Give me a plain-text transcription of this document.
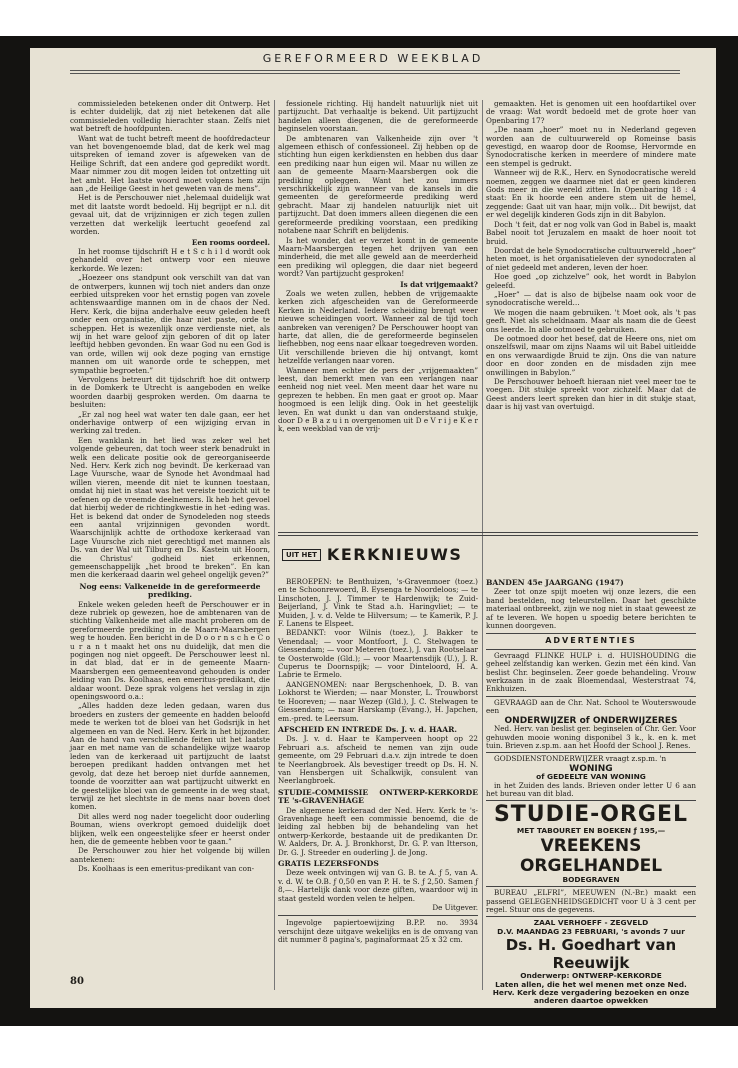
GEREFORMEERD WEEKBLAD

commissieleden betekenen onder dit Ontwerp. Het is echter duidelijk, dat zij niet betekenen dat alle commissieleden volledig hierachter staan. Zelfs niet wat betreft de hoofdpunten.

Want wat de tucht betreft meent de hoofdredacteur van het bovengenoemde blad, dat de kerk wel mag uitspreken of iemand zover is afgeweken van de Heilige Schrift, dat een andere god gepredikt wordt. Maar nimmer zou dit mogen leiden tot ontzetting uit het ambt. Het laatste woord moet volgens hem zijn aan „de Heilige Geest in het geweten van de mens”.

Het is de Perschouwer niet ,helemaal duidelijk wat met dit laatste wordt bedoeld. Hij begrijpt er n.l. dit gevaal uit, dat de vrijzinnigen er zich tegen zullen verzetten dat werkelijk leertucht geoefend zal worden.

Een rooms oordeel.

In het roomse tijdschrift H e t S c h i l d wordt ook gehandeld over het ontwerp voor een nieuwe kerkorde. We lezen:

„Hoezeer ons standpunt ook verschilt van dat van de ontwerpers, kunnen wij toch niet anders dan onze eerbied uitspreken voor het ernstig pogen van zovele achtenswaardige mannen om in de chaos der Ned. Herv. Kerk, die bijna anderhalve eeuw geleden heeft onder een organisatie, die haar niet paste, orde te scheppen. Het is wezenlijk onze verdienste niet, als wij in het ware geloof zijn geboren of dit op later leeftijd hebben gevonden. En waar God nu een God is van orde, willen wij ook deze poging van ernstige mannen om uit wanorde orde te scheppen, met sympathie begroeten.”

Vervolgens betreurt dit tijdschrift hoe dit ontwerp in de Domkerk te Utrecht is aangeboden en welke woorden daarbij gesproken werden. Om daarna te besluiten:

„Er zal nog heel wat water ten dale gaan, eer het onderhavige ontwerp of een wijziging ervan in werking zal treden.

Een wanklank in het lied was zeker wel het volgende gebeuren, dat toch weer sterk benadrukt in welk een delicate positie ook de gereorganiseerde Ned. Herv. Kerk zich nog bevindt. De kerkeraad van Lage Vuursche, waar de Synode het Avondmaal had willen vieren, meende dit niet te kunnen toestaan, omdat hij niet in staat was het vereiste toezicht uit te oefenen op de vreemde deelnemers. Ik heb het gevoel dat hierbij weder de richtingkwestie in het ‑eding was. Het is bekend dat onder de Synodeleden nog steeds een aantal vrijzinnigen gevonden wordt. Waarschijnlijk achtte de orthodoxe kerkeraad van Lage Vuursche zich niet gerechtigd met mannen als Ds. van der Wal uit Tilburg en Ds. Kastein uit Hoorn, die Christus' godheid niet erkennen, gemeenschappelijk „het brood te breken”. En kan men die kerkeraad daarin wel geheel ongelijk geven?”

Nog eens: Valkeneide in de gereformeerde prediking.

Enkele weken geleden heeft de Perschouwer er in deze rubriek op gewezen, hoe de ambtenaren van de stichting Valkenheide met alle macht proberen om de gereformeerde prediking in de Maarn-Maarsbergen weg te houden. Een bericht in de D o o r n s c h e C o u r a n t maakt het ons nu duidelijk, dat men die pogingen nog niet opgeeft. De Perschouwer leest nl. in dat blad, dat er in de gemeente Maarn-Maarsbergen een gemeenteavond gehouden is onder leiding van Ds. Koolhaas, een emeritus-predikant, die aldaar woont. Deze sprak volgens het verslag in zijn openingswoord o.a.:

„Alles hadden deze leden gedaan, waren dus broeders en zusters der gemeente en hadden beloofd mede te werken tot de bloei van het Godsrijk in het algemeen en van de Ned. Herv. Kerk in het bijzonder. Aan de hand van verschillende feiten uit het laatste jaar en met name van de schandelijke wijze waarop leden van de kerkeraad uit partijzucht de laatst beroepen predikant hadden ontvangen met het gevolg, dat deze het beroep niet durfde aannemen, toonde de voorzitter aan wat partijzucht uitwerkt en de geestelijke bloei van de gemeente in de weg staat, terwijl ze het slechtste in de mens naar boven doet komen.

Dit alles werd nog nader toegelicht door ouderling Bouman, wiens overkropt gemoed duidelijk doet blijken, welk een ongeestelijke sfeer er heerst onder hen, die de gemeente hebben voor te gaan.”

De Perschouwer zou hier het volgende bij willen aantekenen:

Ds. Koolhaas is een emeritus-predikant van con-

fessionele richting. Hij handelt natuurlijk niet uit partijzucht. Dat verhaaltje is bekend. Uit partijzucht handelen alleen diegenen, die de gereformeerde beginselen voorstaan.

De ambtenaren van Valkenheide zijn over 't algemeen ethisch of confessioneel. Zij hebben op de stichting hun eigen kerkdiensten en hebben dus daar een prediking naar hun eigen wil. Maar nu willen ze aan de gemeente Maarn-Maarsbergen ook die prediking opleggen. Want het zou immers verschrikkelijk zijn wanneer van de kansels in die gemeenten de gereformeerde prediking werd gebracht. Maar zij handelen natuurlijk niet uit partijzucht. Dat doen immers alleen diegenen die een gereformeerde prediking voorstaan, een prediking notabene naar Schrift en belijdenis.

Is het wonder, dat er verzet komt in de gemeente Maarn-Maarsbergen tegen het drijven van een minderheid, die met alle geweld aan de meerderheid een prediking wil opleggen, die daar niet begeerd wordt? Van partijzucht gesproken!

Is dat vrijgemaakt?

Zoals we weten zullen, hebben de vrijgemaakte kerken zich afgescheiden van de Gereformeerde Kerken in Nederland. Iedere scheiding brengt weer nieuwe scheidingen voort. Wanneer zal de tijd toch aanbreken van verenigen? De Perschouwer hoopt van harte, dat allen, die de gereformeerde beginselen liefhebben, nog eens naar elkaar toegedreven worden. Uit verschillende brieven die hij ontvangt, komt hetzelfde verlangen naar voren.

Wanneer men echter de pers der „vrijgemaakten” leest, dan bemerkt men van een verlangen naar eenheid nog niet veel. Men meent daar het ware nu geprezen te hebben. En men gaat er groot op. Maar hoogmoed is een lelijk ding. Ook in het geestelijk leven. En wat dunkt u dan van onderstaand stukje, door D e B a z u i n overgenomen uit D e V r i j e K e r k, een weekblad van de vrij-

gemaakten. Het is genomen uit een hoofdartikel over de vraag: Wat wordt bedoeld met de grote hoer van Openbaring 17?

„De naam „hoer” moet nu in Nederland gegeven worden aan de cultuurwereld op Romeinse basis gevestigd, en waarop door de Roomse, Hervormde en Synodocratische kerken in meerdere of mindere mate een stempel is gedrukt.

Wanneer wij de R.K., Herv. en Synodocratische wereld noemen, zeggen we daarmee niet dat er geen kinderen Gods meer in die wereld zitten. In Openbaring 18 : 4 staat: En ik hoorde een andere stem uit de hemel, zeggende: Gaat uit van haar, mijn volk… Dit bewijst, dat er wel degelijk kinderen Gods zijn in dit Babylon.

Doch 't feit, dat er nog volk van God in Babel is, maakt Babel nooit tot Jeruzalem en maakt de hoer nooit tot bruid.

Doordat de hele Synodocratische cultuurwereld „hoer” heten moet, is het organisatieleven der synodocraten al of niet gedeeld met anderen, leven der hoer.

Hoe goed „op zichzelve” ook, het wordt in Babylon geleefd.

„Hoer” — dat is also de bijbelse naam ook voor de synodocratische wereld…

We mogen die naam gebruiken. 't Moet ook, als 't pas geeft. Niet als scheldnaam. Maar als naam die de Geest ons leerde. In alle ootmoed te gebruiken.

De ootmoed door het besef, dat de Heere ons, niet om onszelfswil, maar om zijns Naams wil uit Babel uitleidde en ons verwaardigde Bruid te zijn. Ons die van nature door en door zonden en de misdaden zijn mee onwillingen in Babylon.”

De Perschouwer behoeft hieraan niet veel meer toe te voegen. Dit stukje spreekt voor zichzelf. Maar dat de Geest anders leert spreken dan hier in dit stukje staat, daar is hij vast van overtuigd.

UIT HET KERKNIEUWS

BEROEPEN: te Benthuizen, 's-Gravenmoer (toez.) en te Schoonrewoerd, B. Eysenga te Noordeloos; — te Linschoten, J. J. Timmer te Hardenwijk; te Zuid-Beijerland, J. Vink te Stad a.h. Haringvliet; — te Muiden, J. v. d. Velde te Hilversum; — te Kamerik, P. J. F. Lanens te Elspeet.

BEDANKT: voor Wilnis (toez.), J. Bakker te Venendaal; — voor Montfoort, J. C. Stelwagen te Giessendam; — voor Meteren (toez.), J. van Rootselaar te Oosterwolde (Gld.); — voor Maartensdijk (U.), J. R. Cuperus te Doornspijk; — voor Dinteloord, H. A. Labrie te Ermelo.

AANGENOMEN: naar Bergschenhoek, D. B. van Lokhorst te Wierden; — naar Monster, L. Trouwborst te Hooreven; — naar Wezep (Gld.), J. C. Stelwagen te Giessendam; — naar Harskamp (Evang.), H. Japchen, em.-pred. te Leersum.

AFSCHEID EN INTREDE Ds. J. v. d. HAAR.

Ds. J. v. d. Haar te Kamperveen hoopt op 22 Februari a.s. afscheid te nemen van zijn oude gemeente, om 29 Februari d.a.v. zijn intrede te doen te Neerlangbroek. Als bevestiger treedt op Ds. H. N. van Hensbergen uit Schalkwijk, consulent van Neerlangbroek.

STUDIE-COMMISSIE ONTWERP-KERKORDE TE 's-GRAVENHAGE

De algemene kerkeraad der Ned. Herv. Kerk te 's-Gravenhage heeft een commissie benoemd, die de leiding zal hebben bij de behandeling van het ontwerp-Kerkorde, bestaande uit de predikanten Dr. W. Aalders, Dr. A. J. Bronkhorst, Dr. G. P. van Itterson, Dr. G. J. Streeder en ouderling J. de Jong.

GRATIS LEZERSFONDS

Deze week ontvingen wij van G. B. te A. ƒ 5, van A. v. d. W. te O.B. ƒ 0,50 en van P. H. te S. ƒ 2,50. Samen ƒ 8,—. Hartelijk dank voor deze giften, waardoor wij in staat gesteld worden velen te helpen.

De Uitgever.

Ingevolge papiertoewijzing B.P.P. no. 3934 verschijnt deze uitgave wekelijks en is de omvang van dit nummer 8 pagina's, paginaformaat 25 x 32 cm.

BANDEN 45e JAARGANG (1947)

Zeer tot onze spijt moeten wij onze lezers, die een band bestelden, nog teleurstellen. Daar het geschikte materiaal ontbreekt, zijn we nog niet in staat geweest ze af te leveren. We hopen u spoedig betere berichten te kunnen doorgeven.

ADVERTENTIES

Gevraagd FLINKE HULP i. d. HUISHOUDING die geheel zelfstandig kan werken. Gezin met één kind. Van beslist Chr. beginselen. Zeer goede behandeling. Vrouw werkzaam in de zaak Bloemendaal, Westerstraat 74, Enkhuizen.

GEVRAAGD aan de Chr. Nat. School te Wouterswoude een

ONDERWIJZER of ONDERWIJZERES

Ned. Herv. van beslist ger. beginselen of Chr. Ger. Voor gehuwden mooie woning disponibel 3 k., k. en k. met tuin. Brieven z.sp.m. aan het Hoofd der School J. Renes.

GODSDIENSTONDERWIJZER vraagt z.sp.m. 'n

WONING
of GEDEELTE VAN WONING

in het Zuiden des lands. Brieven onder letter U 6 aan het bureau van dit blad.

STUDIE-ORGEL
MET TABOURET EN BOEKEN ƒ 195,—
VREEKENS ORGELHANDEL
BODEGRAVEN

BUREAU „ELFRI”, MEEUWEN (N.-Br.) maakt een passend GELEGENHEIDSGEDICHT voor U à 3 cent per regel. Stuur ons de gegevens.

ZAAL VERHOEFF - ZEGVELD
D.V. MAANDAG 23 FEBRUARI, 's avonds 7 uur
Ds. H. Goedhart van Reeuwijk
Onderwerp: ONTWERP-KERKORDE
Laten allen, die het wel menen met onze Ned. Herv. Kerk deze vergadering bezoeken en onze anderen daartoe opwekken
80
